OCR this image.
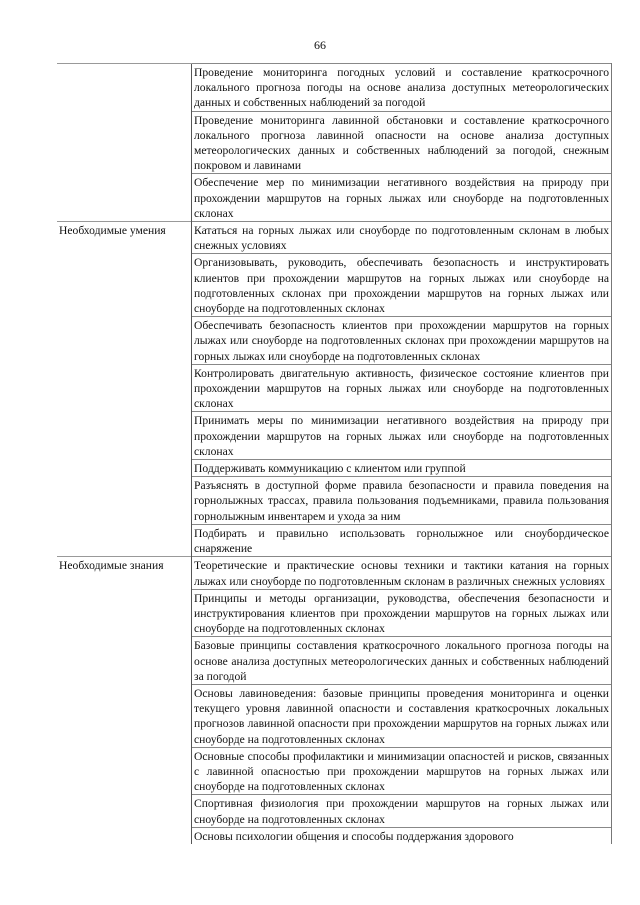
66
	Проведение мониторинга погодных условий и составление краткосрочного локального прогноза погоды на основе анализа доступных метеорологических данных и собственных наблюдений за погодой
	Проведение мониторинга лавинной обстановки и составление краткосрочного локального прогноза лавинной опасности на основе анализа доступных метеорологических данных и собственных наблюдений за погодой, снежным покровом и лавинами
	Обеспечение мер по минимизации негативного воздействия на природу при прохождении маршрутов на горных лыжах или сноуборде на подготовленных склонах
Необходимые умения	Кататься на горных лыжах или сноуборде по подготовленным склонам в любых снежных условиях
	Организовывать, руководить, обеспечивать безопасность и инструктировать клиентов при прохождении маршрутов на горных лыжах или сноуборде на подготовленных склонах при прохождении маршрутов на горных лыжах или сноуборде на подготовленных склонах
	Обеспечивать безопасность клиентов при прохождении маршрутов на горных лыжах или сноуборде на подготовленных склонах при прохождении маршрутов на горных лыжах или сноуборде на подготовленных склонах
	Контролировать двигательную активность, физическое состояние клиентов при прохождении маршрутов на горных лыжах или сноуборде на подготовленных склонах
	Принимать меры по минимизации негативного воздействия на природу при прохождении маршрутов на горных лыжах или сноуборде на подготовленных склонах
	Поддерживать коммуникацию с клиентом или группой
	Разъяснять в доступной форме правила безопасности и правила поведения на горнолыжных трассах, правила пользования подъемниками, правила пользования горнолыжным инвентарем и ухода за ним
	Подбирать и правильно использовать горнолыжное или сноубордическое снаряжение
Необходимые знания	Теоретические и практические основы техники и тактики катания на горных лыжах или сноуборде по подготовленным склонам в различных снежных условиях
	Принципы и методы организации, руководства, обеспечения безопасности и инструктирования клиентов при прохождении маршрутов на горных лыжах или сноуборде на подготовленных склонах
	Базовые принципы составления краткосрочного локального прогноза погоды на основе анализа доступных метеорологических данных и собственных наблюдений за погодой
	Основы лавиноведения: базовые принципы проведения мониторинга и оценки текущего уровня лавинной опасности и составления краткосрочных локальных прогнозов лавинной опасности при прохождении маршрутов на горных лыжах или сноуборде на подготовленных склонах
	Основные способы профилактики и минимизации опасностей и рисков, связанных с лавинной опасностью при прохождении маршрутов на горных лыжах или сноуборде на подготовленных склонах
	Спортивная физиология при прохождении маршрутов на горных лыжах или сноуборде на подготовленных склонах
	Основы психологии общения и способы поддержания здорового
